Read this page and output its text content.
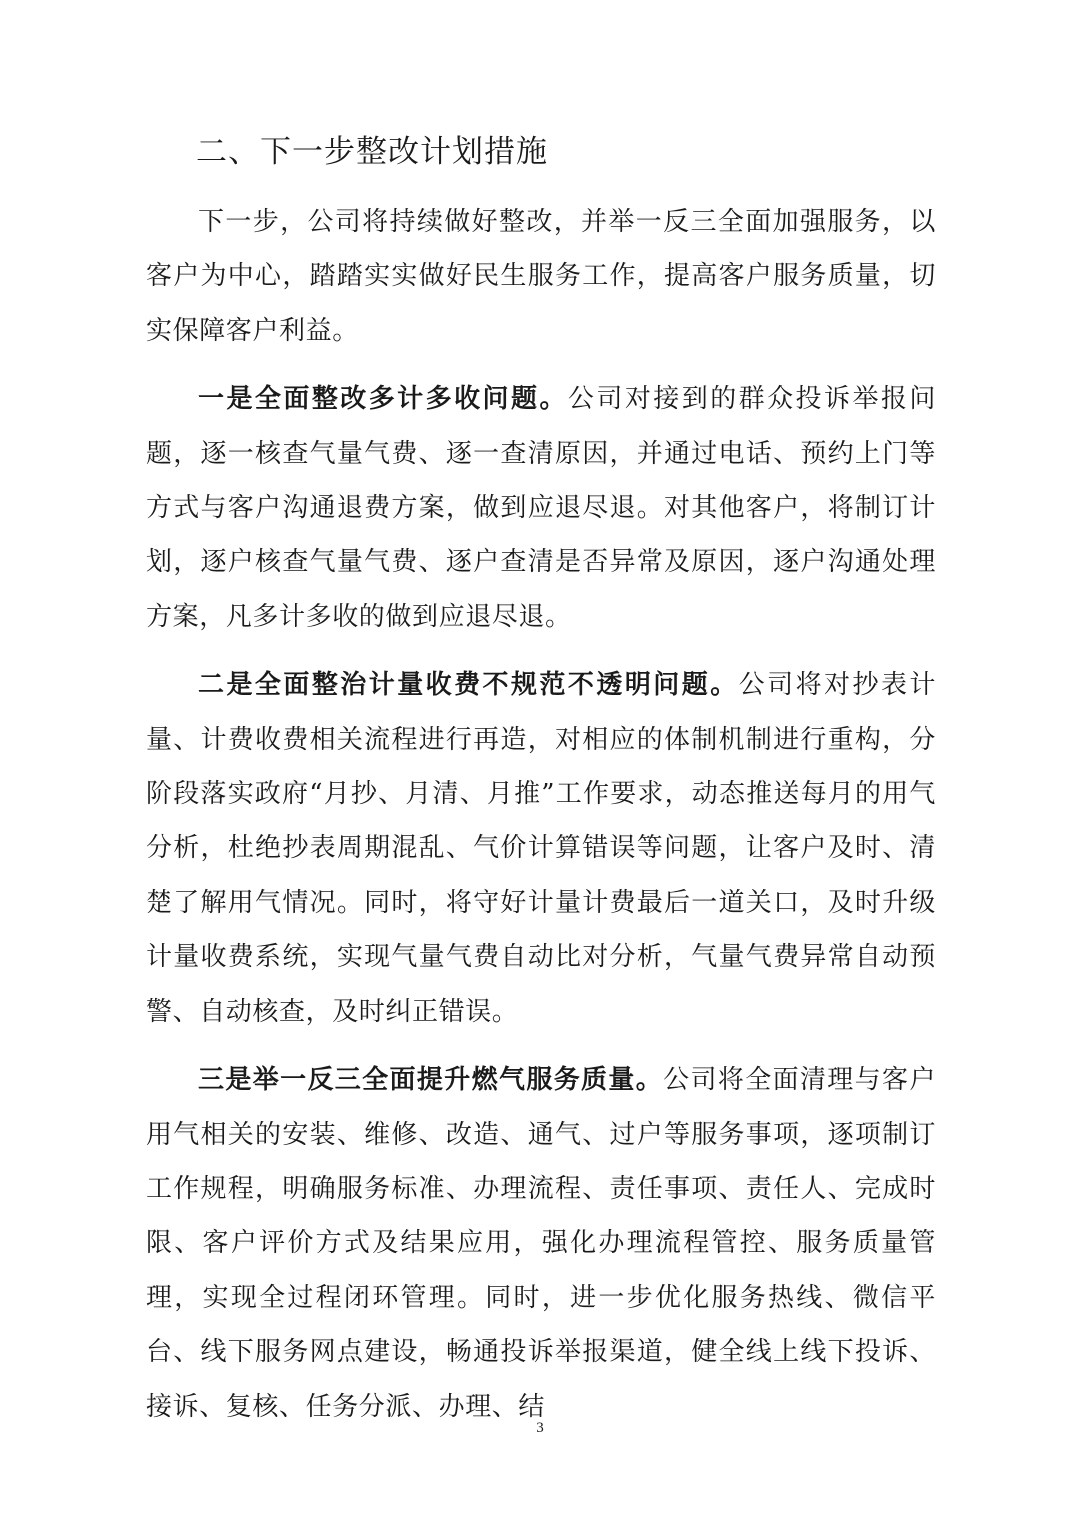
二、下一步整改计划措施

下一步，公司将持续做好整改，并举一反三全面加强服务，以客户为中心，踏踏实实做好民生服务工作，提高客户服务质量，切实保障客户利益。

一是全面整改多计多收问题。公司对接到的群众投诉举报问题，逐一核查气量气费、逐一查清原因，并通过电话、预约上门等方式与客户沟通退费方案，做到应退尽退。对其他客户，将制订计划，逐户核查气量气费、逐户查清是否异常及原因，逐户沟通处理方案，凡多计多收的做到应退尽退。

二是全面整治计量收费不规范不透明问题。公司将对抄表计量、计费收费相关流程进行再造，对相应的体制机制进行重构，分阶段落实政府“月抄、月清、月推”工作要求，动态推送每月的用气分析，杜绝抄表周期混乱、气价计算错误等问题，让客户及时、清楚了解用气情况。同时，将守好计量计费最后一道关口，及时升级计量收费系统，实现气量气费自动比对分析，气量气费异常自动预警、自动核查，及时纠正错误。

三是举一反三全面提升燃气服务质量。公司将全面清理与客户用气相关的安装、维修、改造、通气、过户等服务事项，逐项制订工作规程，明确服务标准、办理流程、责任事项、责任人、完成时限、客户评价方式及结果应用，强化办理流程管控、服务质量管理，实现全过程闭环管理。同时，进一步优化服务热线、微信平台、线下服务网点建设，畅通投诉举报渠道，健全线上线下投诉、接诉、复核、任务分派、办理、结

3
